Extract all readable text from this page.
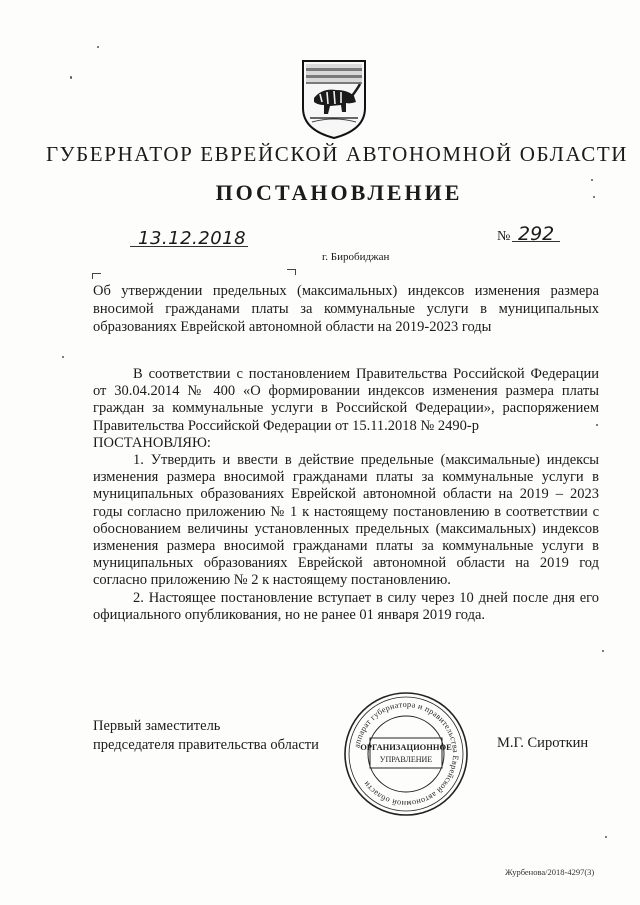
ГУБЕРНАТОР ЕВРЕЙСКОЙ АВТОНОМНОЙ ОБЛАСТИ
ПОСТАНОВЛЕНИЕ
13.12.2018	№ 292
г. Биробиджан
Об утверждении предельных (максимальных) индексов изменения размера вносимой гражданами платы за коммунальные услуги в муниципальных образованиях Еврейской автономной области на 2019-2023 годы

В соответствии с постановлением Правительства Российской Федерации от 30.04.2014 № 400 «О формировании индексов изменения размера платы граждан за коммунальные услуги в Российской Федерации», распоряжением Правительства Российской Федерации от 15.11.2018 № 2490-р

ПОСТАНОВЛЯЮ:

1. Утвердить и ввести в действие предельные (максимальные) индексы изменения размера вносимой гражданами платы за коммунальные услуги в муниципальных образованиях Еврейской автономной области на 2019 – 2023 годы согласно приложению № 1 к настоящему постановлению в соответствии с обоснованием величины установленных предельных (максимальных) индексов изменения размера вносимой гражданами платы за коммунальные услуги в муниципальных образованиях Еврейской автономной области на 2019 год согласно приложению № 2 к настоящему постановлению.

2. Настоящее постановление вступает в силу через 10 дней после дня его официального опубликования, но не ранее 01 января 2019 года.

Первый заместитель
председателя правительства области	аппарат губернатора и правительства Еврейской автономной области
ОРГАНИЗАЦИОННОЕ
УПРАВЛЕНИЕ
М.Г. Сироткин
Журбенова/2018-4297(3)
